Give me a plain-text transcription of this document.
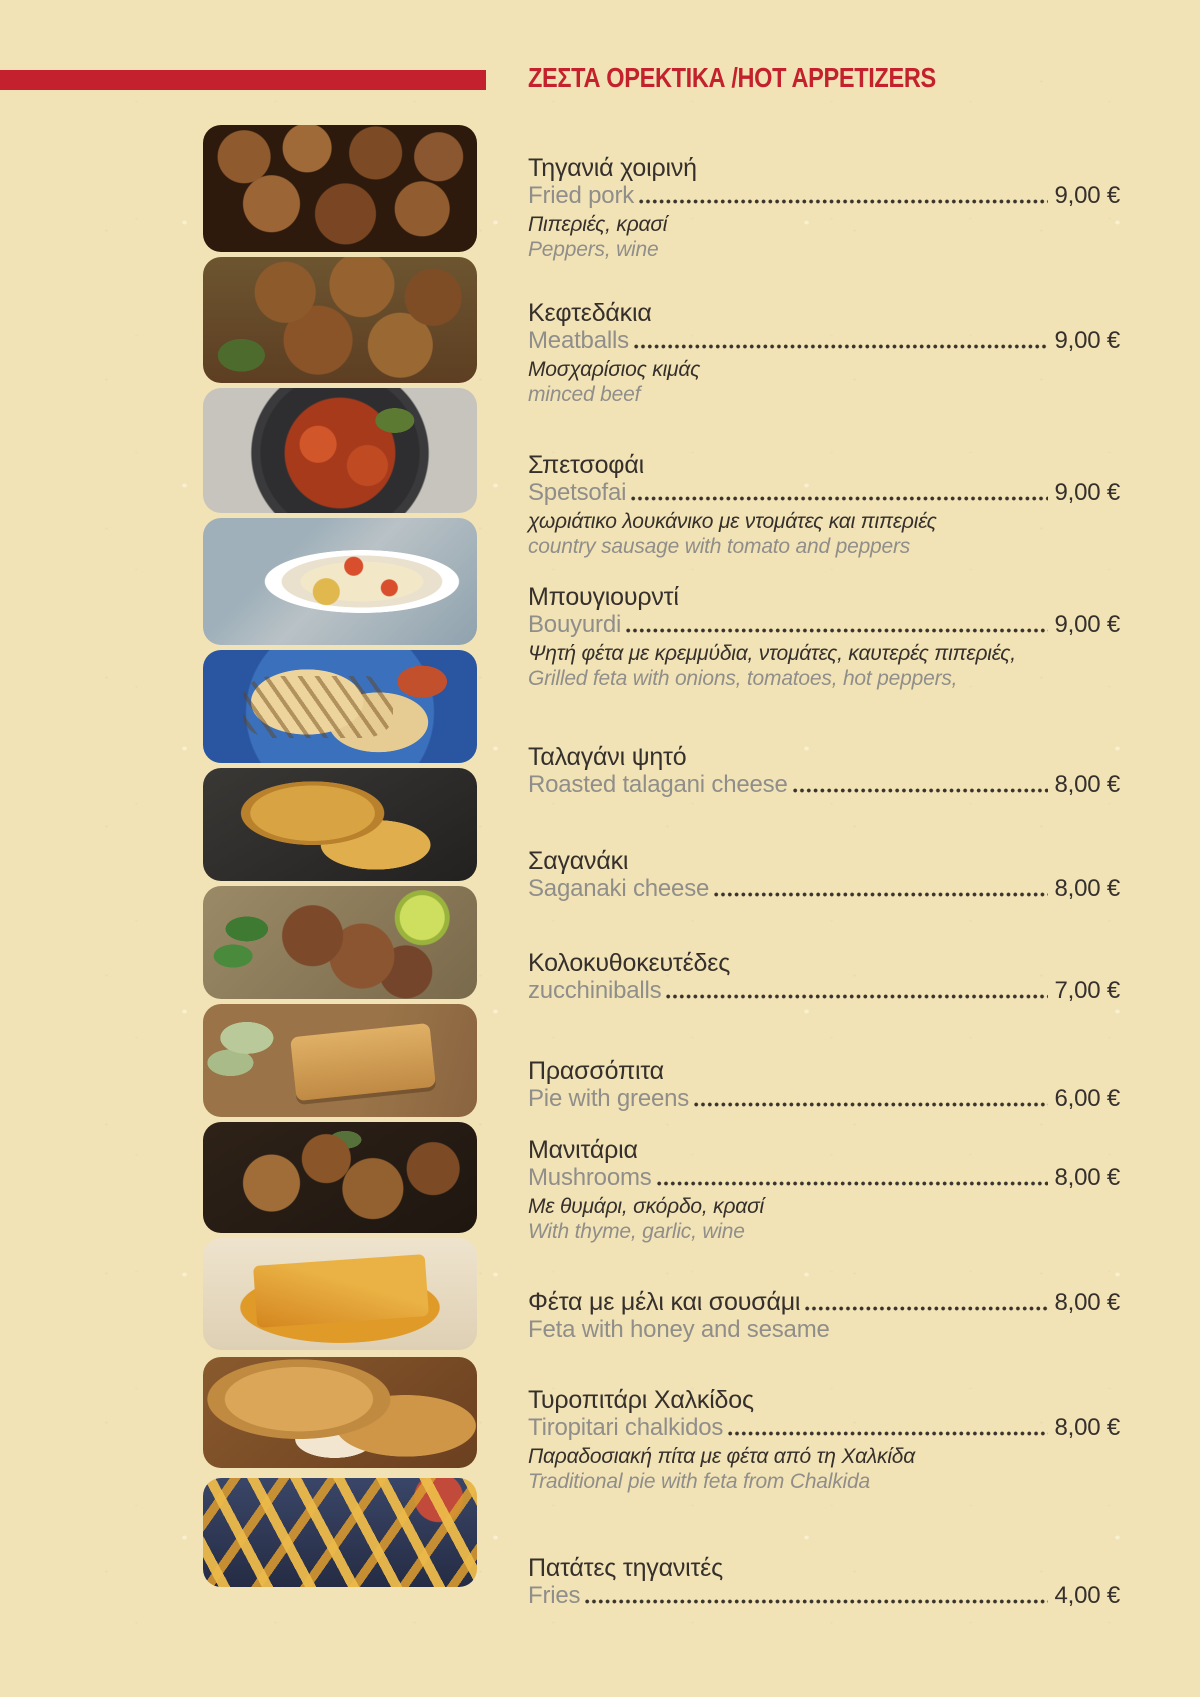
ΖΕΣΤΑ ΟΡΕΚΤΙΚΑ /HOT APPETIZERS
Τηγανιά χοιρινή
Fried pork	9,00 €
Πιπεριές, κρασί
Peppers, wine
Κεφτεδάκια
Meatballs	9,00 €
Μοσχαρίσιος κιμάς
minced beef
Σπετσοφάι
Spetsofai	9,00 €
χωριάτικο λουκάνικο με ντομάτες και πιπεριές
country sausage with tomato and peppers
Μπουγιουρντί
Bouyurdi	9,00 €
Ψητή φέτα με κρεμμύδια, ντομάτες, καυτερές πιπεριές,
Grilled feta with onions, tomatoes, hot peppers,
Ταλαγάνι ψητό
Roasted talagani cheese	8,00 €
Σαγανάκι
Saganaki cheese	8,00 €
Κολοκυθοκευτέδες
zucchiniballs	7,00 €
Πρασσόπιτα
Pie with greens	6,00 €
Μανιτάρια
Mushrooms	8,00 €
Με θυμάρι, σκόρδο, κρασί
With thyme, garlic, wine
Φέτα με μέλι και σουσάμι	8,00 €
Feta with honey and sesame
Τυροπιτάρι Χαλκίδος
Tiropitari chalkidos	8,00 €
Παραδοσιακή πίτα με φέτα από τη Χαλκίδα
Traditional pie with feta from Chalkida
Πατάτες τηγανιτές
Fries	4,00 €
